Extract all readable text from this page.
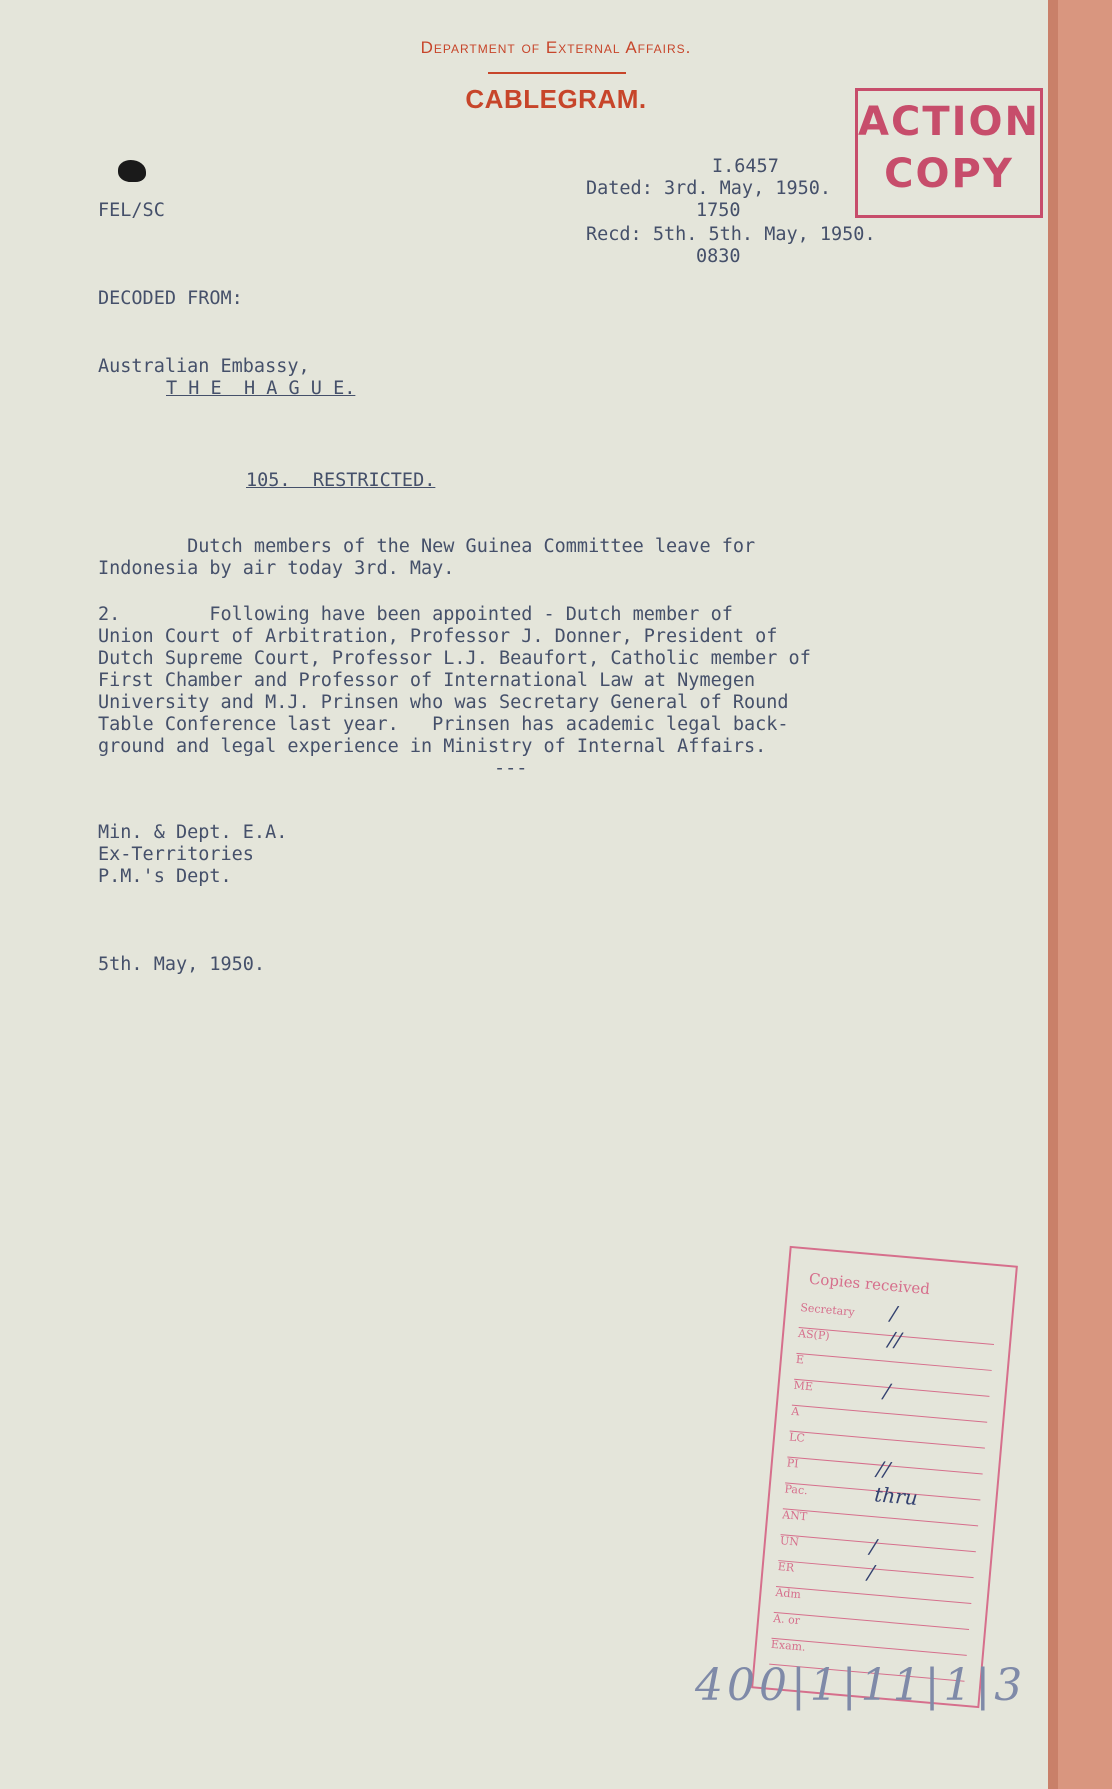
Department of External Affairs.
CABLEGRAM.	ACTION
COPY
FEL/SC
I.6457
Dated: 3rd. May, 1950.
1750
Recd: 5th. 5th. May, 1950.
0830
DECODED FROM:
Australian Embassy,
T H E  H A G U E.
105.  RESTRICTED.
Dutch members of the New Guinea Committee leave for
Indonesia by air today 3rd. May.
2.        Following have been appointed - Dutch member of
Union Court of Arbitration, Professor J. Donner, President of
Dutch Supreme Court, Professor L.J. Beaufort, Catholic member of
First Chamber and Professor of International Law at Nymegen
University and M.J. Prinsen who was Secretary General of Round
Table Conference last year.   Prinsen has academic legal back-
ground and legal experience in Ministry of Internal Affairs.
---
Min. & Dept. E.A.
Ex-Territories
P.M.'s Dept.
5th. May, 1950.
Copies received
Secretary /
AS(P)	//
E
ME	/
A
LC
PI	//
Pac.	thru
ANT
UN	/
ER	/
Adm
A. or
Exam.
400|1|11|1|3
